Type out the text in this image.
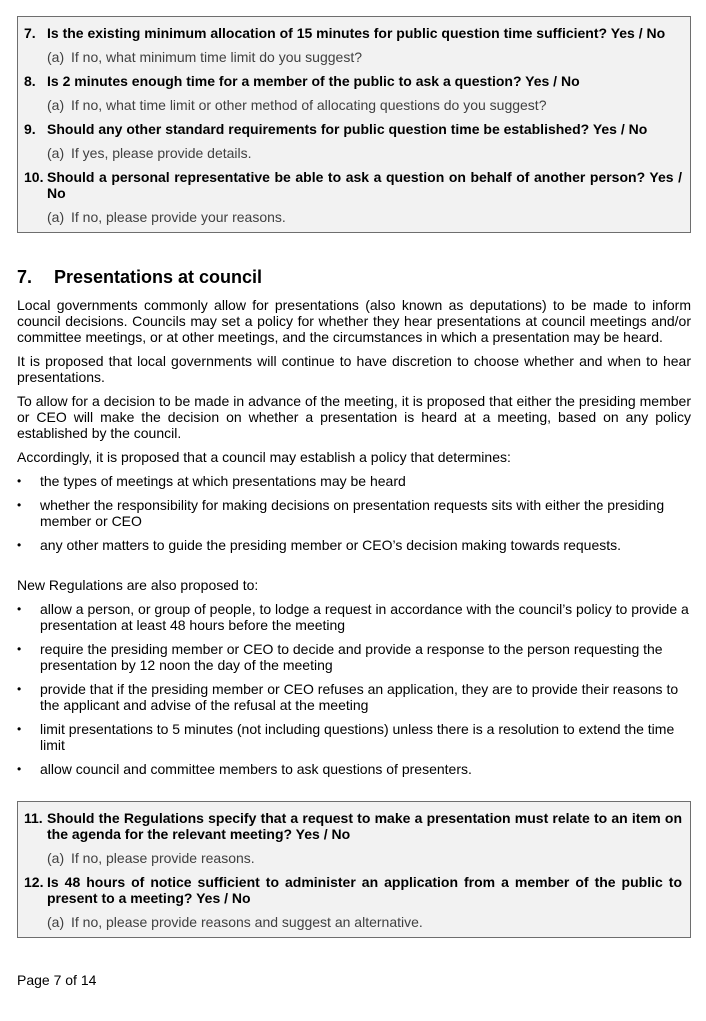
7. Is the existing minimum allocation of 15 minutes for public question time sufficient? Yes / No
(a) If no, what minimum time limit do you suggest?
8. Is 2 minutes enough time for a member of the public to ask a question? Yes / No
(a) If no, what time limit or other method of allocating questions do you suggest?
9. Should any other standard requirements for public question time be established? Yes / No
(a) If yes, please provide details.
10. Should a personal representative be able to ask a question on behalf of another person? Yes / No
(a) If no, please provide your reasons.
7.	Presentations at council

Local governments commonly allow for presentations (also known as deputations) to be made to inform council decisions. Councils may set a policy for whether they hear presentations at council meetings and/or committee meetings, or at other meetings, and the circumstances in which a presentation may be heard.

It is proposed that local governments will continue to have discretion to choose whether and when to hear presentations.

To allow for a decision to be made in advance of the meeting, it is proposed that either the presiding member or CEO will make the decision on whether a presentation is heard at a meeting, based on any policy established by the council.

Accordingly, it is proposed that a council may establish a policy that determines:

•	the types of meetings at which presentations may be heard
•	whether the responsibility for making decisions on presentation requests sits with either the presiding member or CEO
•	any other matters to guide the presiding member or CEO’s decision making towards requests.

New Regulations are also proposed to:

•	allow a person, or group of people, to lodge a request in accordance with the council’s policy to provide a presentation at least 48 hours before the meeting
•	require the presiding member or CEO to decide and provide a response to the person requesting the presentation by 12 noon the day of the meeting
•	provide that if the presiding member or CEO refuses an application, they are to provide their reasons to the applicant and advise of the refusal at the meeting
•	limit presentations to 5 minutes (not including questions) unless there is a resolution to extend the time limit
•	allow council and committee members to ask questions of presenters.
11. Should the Regulations specify that a request to make a presentation must relate to an item on the agenda for the relevant meeting? Yes / No
(a) If no, please provide reasons.
12. Is 48 hours of notice sufficient to administer an application from a member of the public to present to a meeting? Yes / No
(a) If no, please provide reasons and suggest an alternative.
Page 7 of 14
